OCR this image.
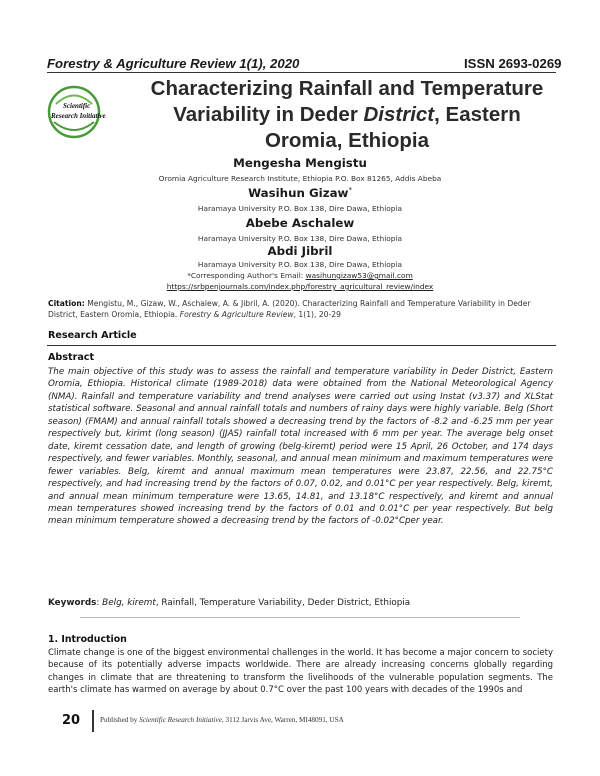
Forestry & Agriculture Review 1(1), 2020	ISSN 2693-0269
Scientific
Research Initiative
Characterizing Rainfall and Temperature
Variability in Deder District, Eastern
Oromia, Ethiopia
Mengesha Mengistu
Oromia Agriculture Research Institute, Ethiopia P.O. Box 81265, Addis Abeba
Wasihun Gizaw*
Haramaya University P.O. Box 138, Dire Dawa, Ethiopia
Abebe Aschalew
Haramaya University P.O. Box 138, Dire Dawa, Ethiopia
Abdi Jibril
Haramaya University P.O. Box 138, Dire Dawa, Ethiopia
*Corresponding Author's Email: wasihungizaw53@gmail.com
https://srbpenjournals.com/index.php/forestry_agricultural_review/index
Citation: Mengistu, M., Gizaw, W., Aschalew, A. & Jibril, A. (2020). Characterizing Rainfall and Temperature Variability in Deder District, Eastern Oromia, Ethiopia. Forestry & Agriculture Review, 1(1), 20-29
Research Article
Abstract
The main objective of this study was to assess the rainfall and temperature variability in Deder District, Eastern Oromia, Ethiopia. Historical climate (1989-2018) data were obtained from the National Meteorological Agency (NMA). Rainfall and temperature variability and trend analyses were carried out using Instat (v3.37) and XLStat statistical software. Seasonal and annual rainfall totals and numbers of rainy days were highly variable. Belg (Short season) (FMAM) and annual rainfall totals showed a decreasing trend by the factors of -8.2 and -6.25 mm per year respectively but, kirimt (long season) (JJAS) rainfall total increased with 6 mm per year. The average belg onset date, kiremt cessation date, and length of growing (belg-kiremt) period were 15 April, 26 October, and 174 days respectively, and fewer variables. Monthly, seasonal, and annual mean minimum and maximum temperatures were fewer variables. Belg, kiremt and annual maximum mean temperatures were 23.87, 22.56, and 22.75°C respectively, and had increasing trend by the factors of 0.07, 0.02, and 0.01°C per year respectively. Belg, kiremt, and annual mean minimum temperature were 13.65, 14.81, and 13.18°C respectively, and kiremt and annual mean temperatures showed increasing trend by the factors of 0.01 and 0.01°C per year respectively. But belg mean minimum temperature showed a decreasing trend by the factors of -0.02°Cper year.
Keywords: Belg, kiremt, Rainfall, Temperature Variability, Deder District, Ethiopia
1. Introduction
Climate change is one of the biggest environmental challenges in the world. It has become a major concern to society because of its potentially adverse impacts worldwide. There are already increasing concerns globally regarding changes in climate that are threatening to transform the livelihoods of the vulnerable population segments. The earth's climate has warmed on average by about 0.7°C over the past 100 years with decades of the 1990s and
20	Published by Scientific Research Initiative, 3112 Jarvis Ave, Warren, MI48091, USA
